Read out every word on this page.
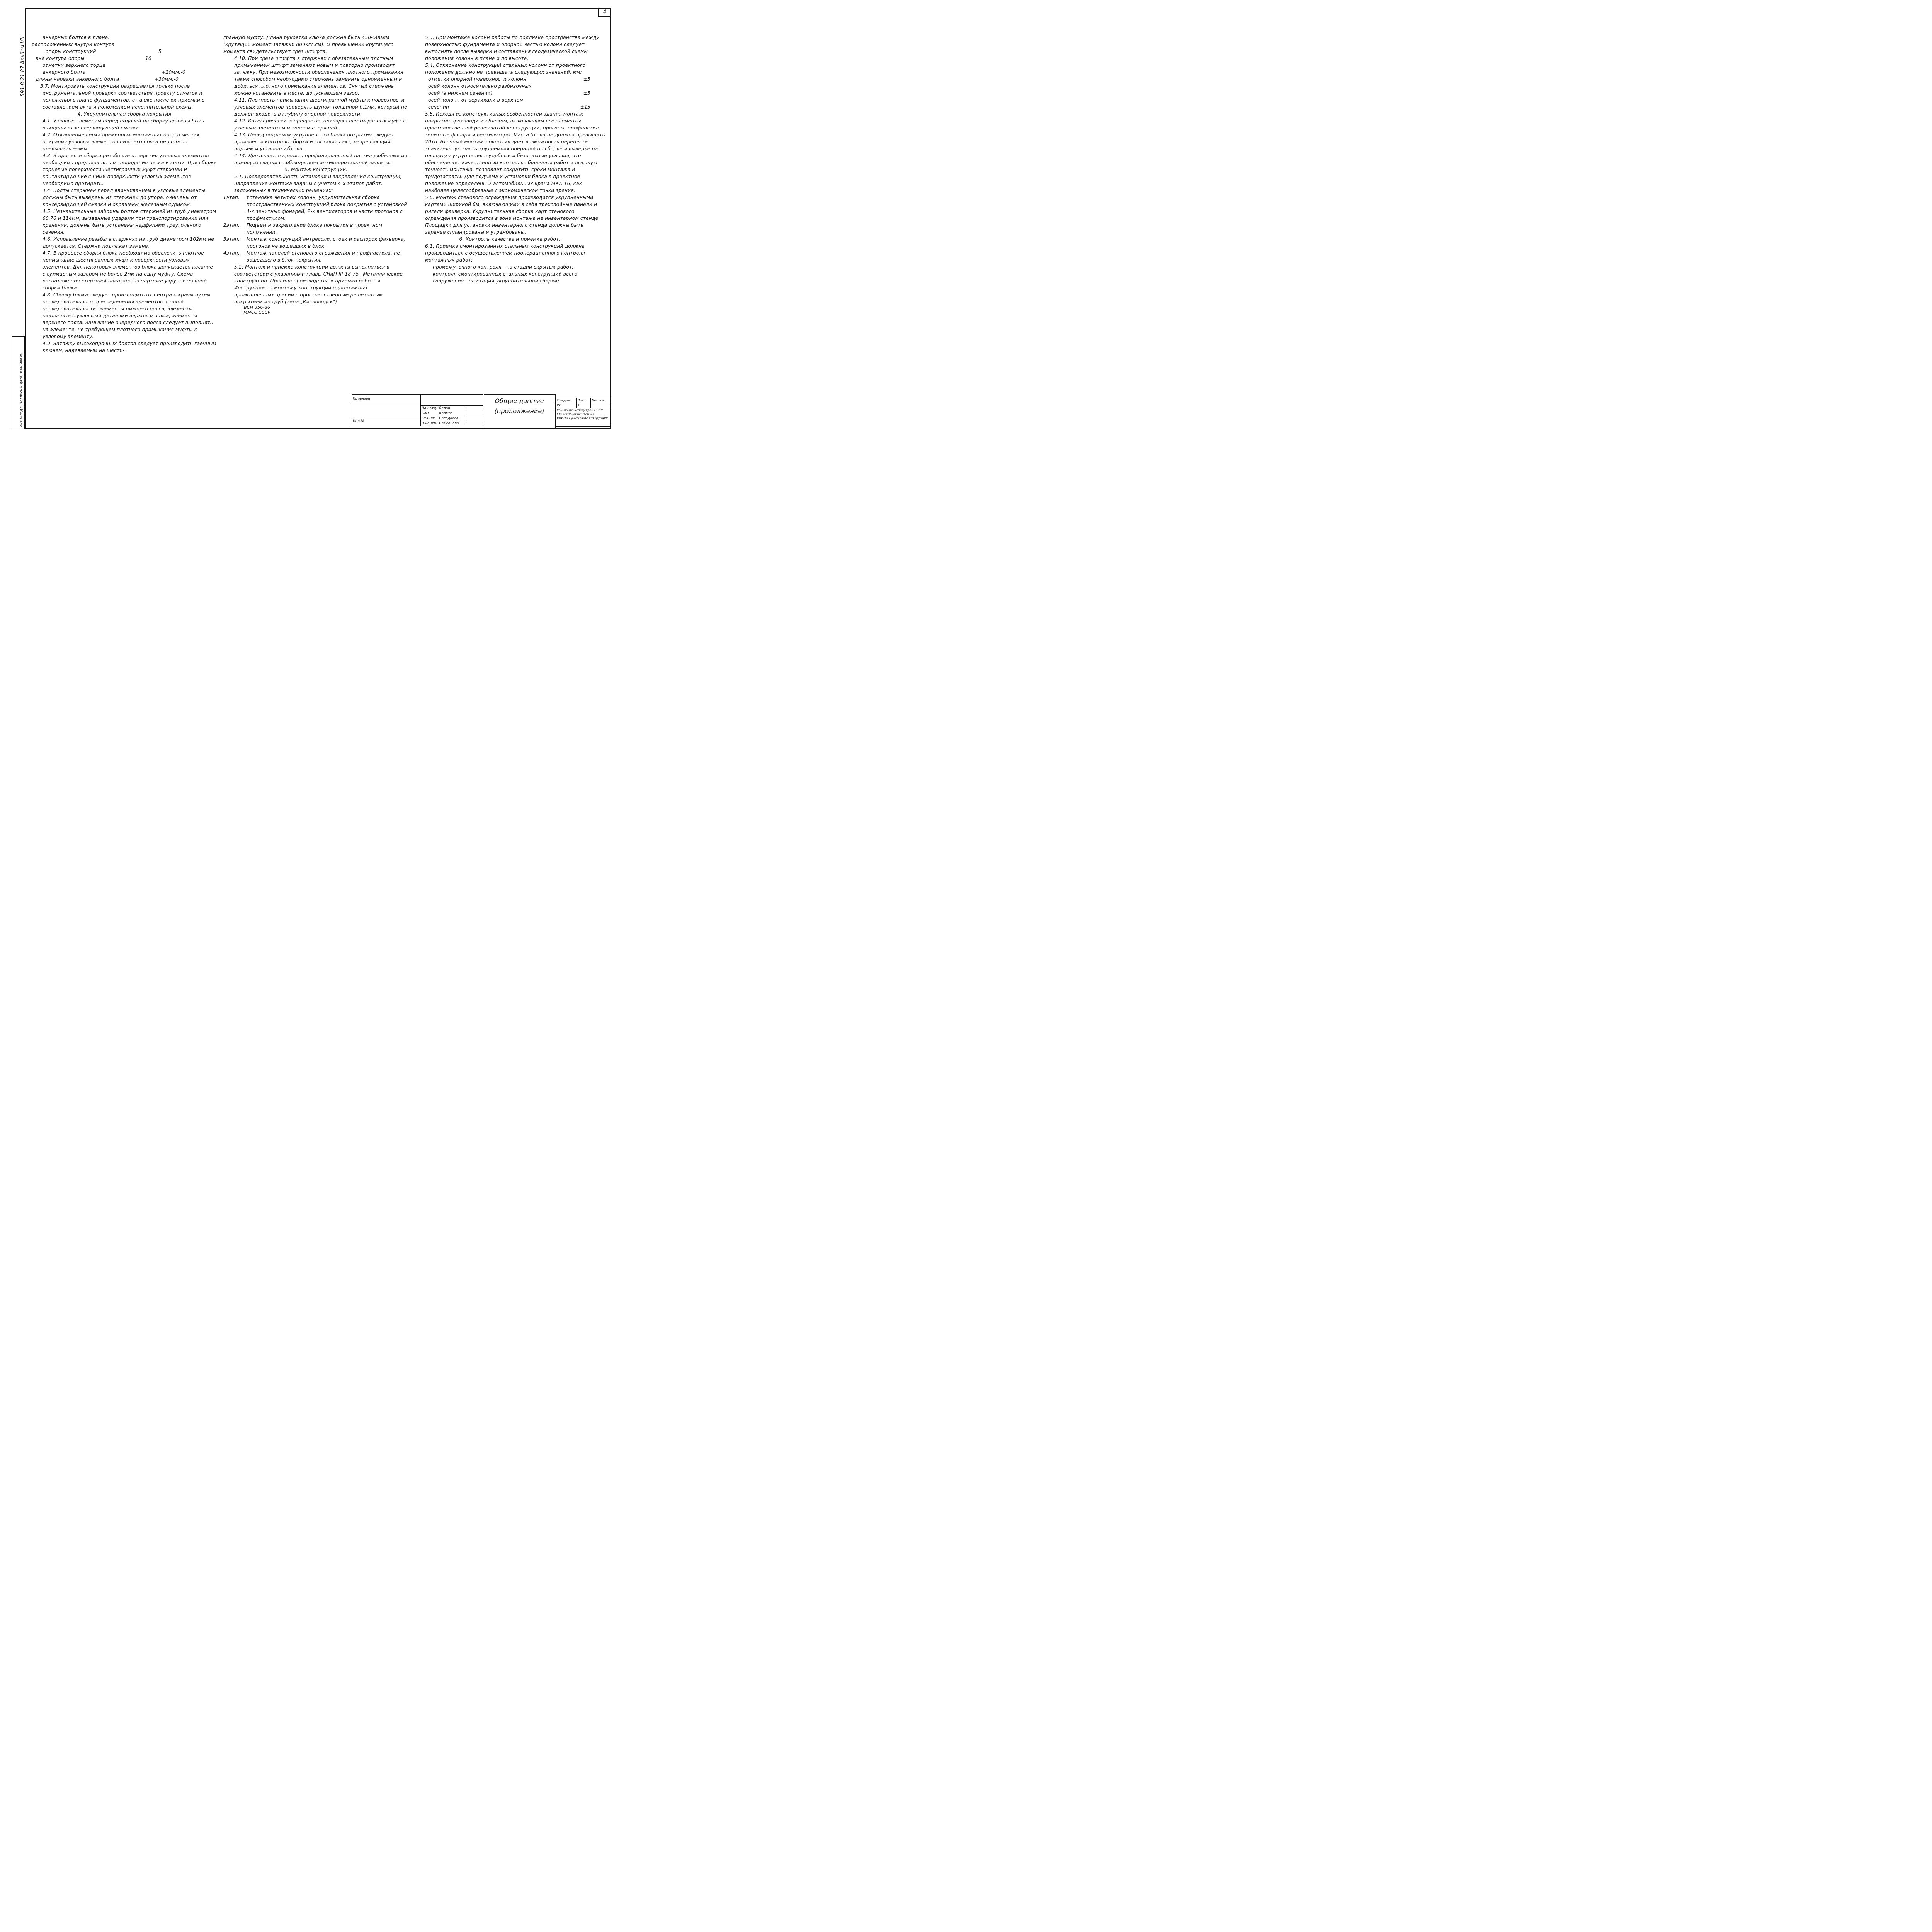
4
591-8-21.87 Альбом VII
Инв.№подл. Подпись и дата Взам.инв.№

анкерных болтов в плане:

расположенных внутри контура

опоры конструкций	5
вне контура опоры.	10

отметки верхнего торца

анкерного болта	+20мм;-0
длины нарезки анкерного болта	+30мм;-0

3.7. Монтировать конструкции разрешается только после инструментальной проверки соответствия проекту отметок и положения в плане фундаментов, а также после их приемки с составлением акта и положением исполнительной схемы.

4. Укрупнительная сборка покрытия

4.1. Узловые элементы перед подачей на сборку должны быть очищены от консервирующей смазки.

4.2. Отклонение верха временных монтажных опор в местах опирания узловых элементов нижнего пояса не должно превышать ±5мм.

4.3. В процессе сборки резьбовые отверстия узловых элементов необходимо предохранять от попадания песка и грязи. При сборке торцевые поверхности шестигранных муфт стержней и контактирующие с ними поверхности узловых элементов необходимо протирать.

4.4. Болты стержней перед ввинчиванием в узловые элементы должны быть выведены из стержней до упора, очищены от консервирующей смазки и окрашены железным суриком.

4.5. Незначительные забоины болтов стержней из труб диаметром 60,76 и 114мм, вызванные ударами при транспортировании или хранении, должны быть устранены надфилями треугольного сечения.

4.6. Исправление резьбы в стержнях из труб диаметром 102мм не допускается. Стержни подлежат замене.

4.7. В процессе сборки блока необходимо обеспечить плотное примыкание шестигранных муфт к поверхности узловых элементов. Для некоторых элементов блока допускается касание с суммарным зазором не более 2мм на одну муфту. Схема расположения стержней показана на чертеже укрупнительной сборки блока.

4.8. Сборку блока следует производить от центра к краям путем последовательного присоединения элементов в такой последовательности: элементы нижнего пояса, элементы наклонные с узловыми деталями верхнего пояса, элементы верхнего пояса. Замыкание очередного пояса следует выполнять на элементе, не требующем плотного примыкания муфты к узловому элементу.

4.9. Затяжку высокопрочных болтов следует производить гаечным ключем, надеваемым на шести-

гранную муфту. Длина рукоятки ключа должна быть 450-500мм (крутящий момент затяжки 800кгс.см). О превышении крутящего момента свидетельствует срез штифта.

4.10. При срезе штифта в стержнях с обязательным плотным примыканием штифт заменяют новым и повторно производят затяжку. При невозможности обеспечения плотного примыкания таким способом необходимо стержень заменить одноименным и добиться плотного примыкания элементов. Снятый стержень можно установить в месте, допускающем зазор.

4.11. Плотность примыкания шестигранной муфты к поверхности узловых элементов проверять щупом толщиной 0,1мм, который не должен входить в глубину опорной поверхности.

4.12. Категорически запрещается приварка шестигранных муфт к узловым элементам и торцам стержней.

4.13. Перед подъемом укрупненного блока покрытия следует произвести контроль сборки и составить акт, разрешающий подъем и установку блока.

4.14. Допускается крепить профилированный настил дюбелями и с помощью сварки с соблюдением антикоррозионной защиты.

5. Монтаж конструкций.

5.1. Последовательность установки и закрепления конструкций, направление монтажа заданы с учетом 4-х этапов работ, заложенных в технических решениях:

1этап.	Установка четырех колонн, укрупнительная сборка пространственных конструкций блока покрытия с установкой 4-х зенитных фонарей, 2-х вентиляторов и части прогонов с профнастилом.
2этап.	Подъем и закрепление блока покрытия в проектном положении.
3этап.	Монтаж конструкций антресоли, стоек и распорок фахверка, прогонов не вошедших в блок.
4этап.	Монтаж панелей стенового ограждения и профнастила, не вошедшего в блок покрытия.

5.2. Монтаж и приемка конструкций должны выполняться в соответствии с указаниями главы СНиП III-18-75 „Металлические конструкции. Правила производства и приемки работ" и Инструкции по монтажу конструкций одноэтажных промышленных зданий с пространственным решетчатым покрытием из труб (типа „Кисловодск")

$\frac{\text{ВСН 356-86}}{\text{ММСС СССР}}$

5.3. При монтаже колонн работы по подливке пространства между поверхностью фундамента и опорной частью колонн следует выполнять после выверки и составления геодезической схемы положения колонн в плане и по высоте.

5.4. Отклонение конструкций стальных колонн от проектного положения должно не превышать следующих значений, мм:

отметки опорной поверхности колонн	±5

осей колонн относительно разбивочных

осей (в нижнем сечении)	±5

осей колонн от вертикали в верхнем

сечении	±15

5.5. Исходя из конструктивных особенностей здания монтаж покрытия производится блоком, включающим все элементы пространственной решетчатой конструкции, прогоны, профнастил, зенитные фонари и вентиляторы. Масса блока не должна превышать 20тн. Блочный монтаж покрытия дает возможность перенести значительную часть трудоемких операций по сборке и выверке на площадку укрупнения в удобные и безопасные условия, что обеспечивает качественный контроль сборочных работ и высокую точность монтажа, позволяет сократить сроки монтажа и трудозатраты. Для подъема и установки блока в проектное положение определены 2 автомобильных крана МКА-16, как наиболее целесообразные с экономической точки зрения.

5.6. Монтаж стенового ограждения производится укрупненными картами шириной 6м, включающими в себя трехслойные панели и ригели фахверка. Укрупнительная сборка карт стенового ограждения производится в зоне монтажа на инвентарном стенде. Площадки для установки инвентарного стенда должны быть заранее спланированы и утрамбованы.

6. Контроль качества и приемка работ.

6.1. Приемка смонтированных стальных конструкций должна производиться с осуществлением пооперационного контроля монтажных работ:

промежуточного контроля - на стадии скрытых работ;

контроля смонтированных стальных конструкций всего сооружения - на стадии укрупнительной сборки;

Привязан

Инв.№
Нач.отд.	Белов	
ГИП	Кормов	
Ст.инж.	Соседкова	
Н.контр.	Самсонова	
Общие данные
(продолжение)
Стадия	Лист	Листов
РП	3	

Минмонтажспецстрой СССР
Главстальконструкция
ВНИПИ Промстальконструкция		
